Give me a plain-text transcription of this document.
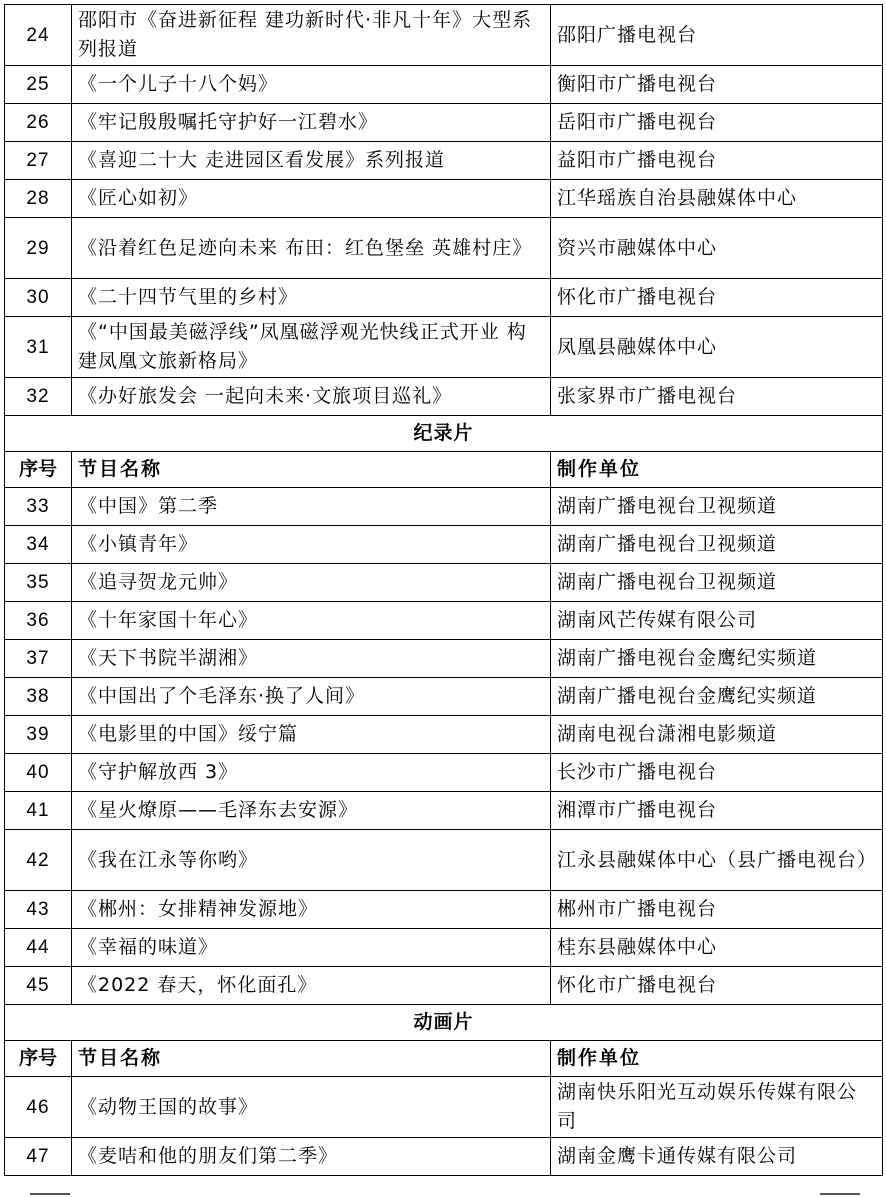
24	邵阳市《奋进新征程 建功新时代·非凡十年》大型系列报道	邵阳广播电视台
25	《一个儿子十八个妈》	衡阳市广播电视台
26	《牢记殷殷嘱托守护好一江碧水》	岳阳市广播电视台
27	《喜迎二十大 走进园区看发展》系列报道	益阳市广播电视台
28	《匠心如初》	江华瑶族自治县融媒体中心
29	《沿着红色足迹向未来 布田：红色堡垒 英雄村庄》	资兴市融媒体中心
30	《二十四节气里的乡村》	怀化市广播电视台
31	《“中国最美磁浮线”凤凰磁浮观光快线正式开业 构建凤凰文旅新格局》	凤凰县融媒体中心
32	《办好旅发会 一起向未来·文旅项目巡礼》	张家界市广播电视台
纪录片		
序号	节目名称	制作单位
33	《中国》第二季	湖南广播电视台卫视频道
34	《小镇青年》	湖南广播电视台卫视频道
35	《追寻贺龙元帅》	湖南广播电视台卫视频道
36	《十年家国十年心》	湖南风芒传媒有限公司
37	《天下书院半湖湘》	湖南广播电视台金鹰纪实频道
38	《中国出了个毛泽东·换了人间》	湖南广播电视台金鹰纪实频道
39	《电影里的中国》绥宁篇	湖南电视台潇湘电影频道
40	《守护解放西 3》	长沙市广播电视台
41	《星火燎原——毛泽东去安源》	湘潭市广播电视台
42	《我在江永等你哟》	江永县融媒体中心（县广播电视台）
43	《郴州：女排精神发源地》	郴州市广播电视台
44	《幸福的味道》	桂东县融媒体中心
45	《2022 春天，怀化面孔》	怀化市广播电视台
动画片		
序号	节目名称	制作单位
46	《动物王国的故事》	湖南快乐阳光互动娱乐传媒有限公司
47	《麦咭和他的朋友们第二季》	湖南金鹰卡通传媒有限公司
